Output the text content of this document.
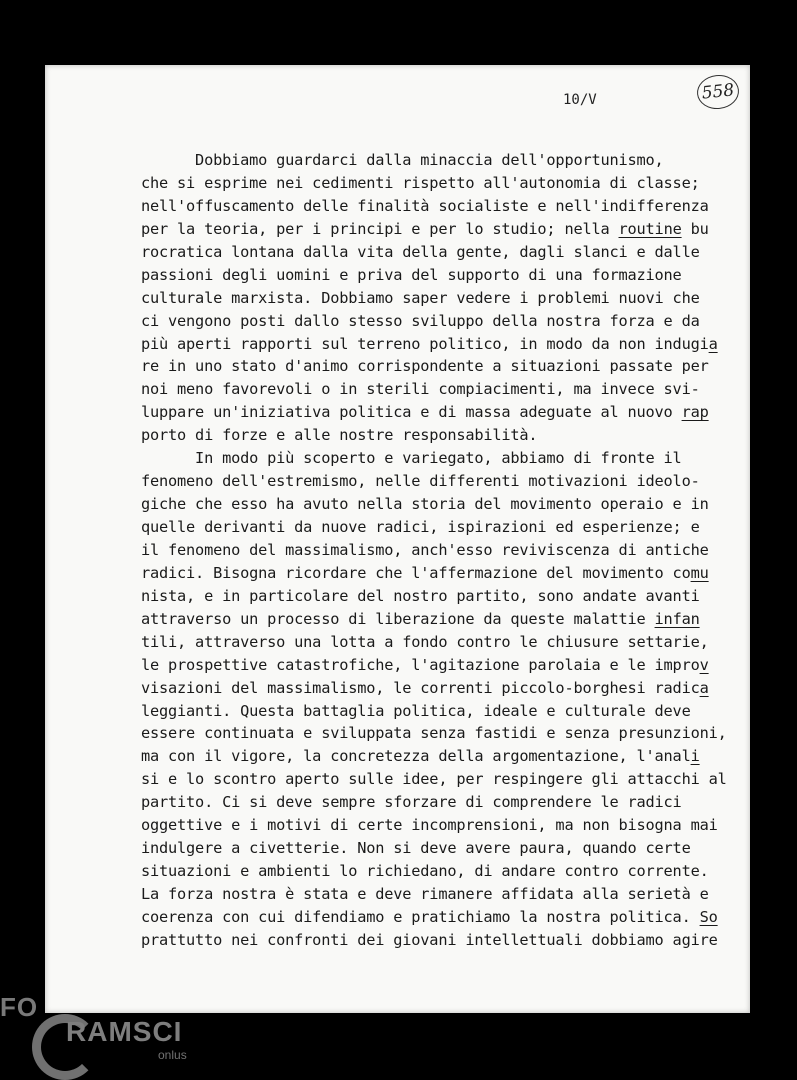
558
10/V
Dobbiamo guardarci dalla minaccia dell'opportunismo,
che si esprime nei cedimenti rispetto all'autonomia di classe;
nell'offuscamento delle finalità socialiste e nell'indifferenza
per la teoria, per i principi e per lo studio; nella routine bu
rocratica lontana dalla vita della gente, dagli slanci e dalle
passioni degli uomini e priva del supporto di una formazione
culturale marxista. Dobbiamo saper vedere i problemi nuovi che
ci vengono posti dallo stesso sviluppo della nostra forza e da
più aperti rapporti sul terreno politico, in modo da non indugia
re in uno stato d'animo corrispondente a situazioni passate per
noi meno favorevoli o in sterili compiacimenti, ma invece svi-
luppare un'iniziativa politica e di massa adeguate al nuovo rap
porto di forze e alle nostre responsabilità.
In modo più scoperto e variegato, abbiamo di fronte il
fenomeno dell'estremismo, nelle differenti motivazioni ideolo-
giche che esso ha avuto nella storia del movimento operaio e in
quelle derivanti da nuove radici, ispirazioni ed esperienze; e
il fenomeno del massimalismo, anch'esso reviviscenza di antiche
radici. Bisogna ricordare che l'affermazione del movimento comu
nista, e in particolare del nostro partito, sono andate avanti
attraverso un processo di liberazione da queste malattie infan
tili, attraverso una lotta a fondo contro le chiusure settarie,
le prospettive catastrofiche, l'agitazione parolaia e le improv
visazioni del massimalismo, le correnti piccolo-borghesi radica
leggianti. Questa battaglia politica, ideale e culturale deve
essere continuata e sviluppata senza fastidi e senza presunzioni,
ma con il vigore, la concretezza della argomentazione, l'anali
si e lo scontro aperto sulle idee, per respingere gli attacchi al
partito. Ci si deve sempre sforzare di comprendere le radici
oggettive e i motivi di certe incomprensioni, ma non bisogna mai
indulgere a civetterie. Non si deve avere paura, quando certe
situazioni e ambienti lo richiedano, di andare contro corrente.
La forza nostra è stata e deve rimanere affidata alla serietà e
coerenza con cui difendiamo e pratichiamo la nostra politica. So
prattutto nei confronti dei giovani intellettuali dobbiamo agire
FO
RAMSCI
onlus
